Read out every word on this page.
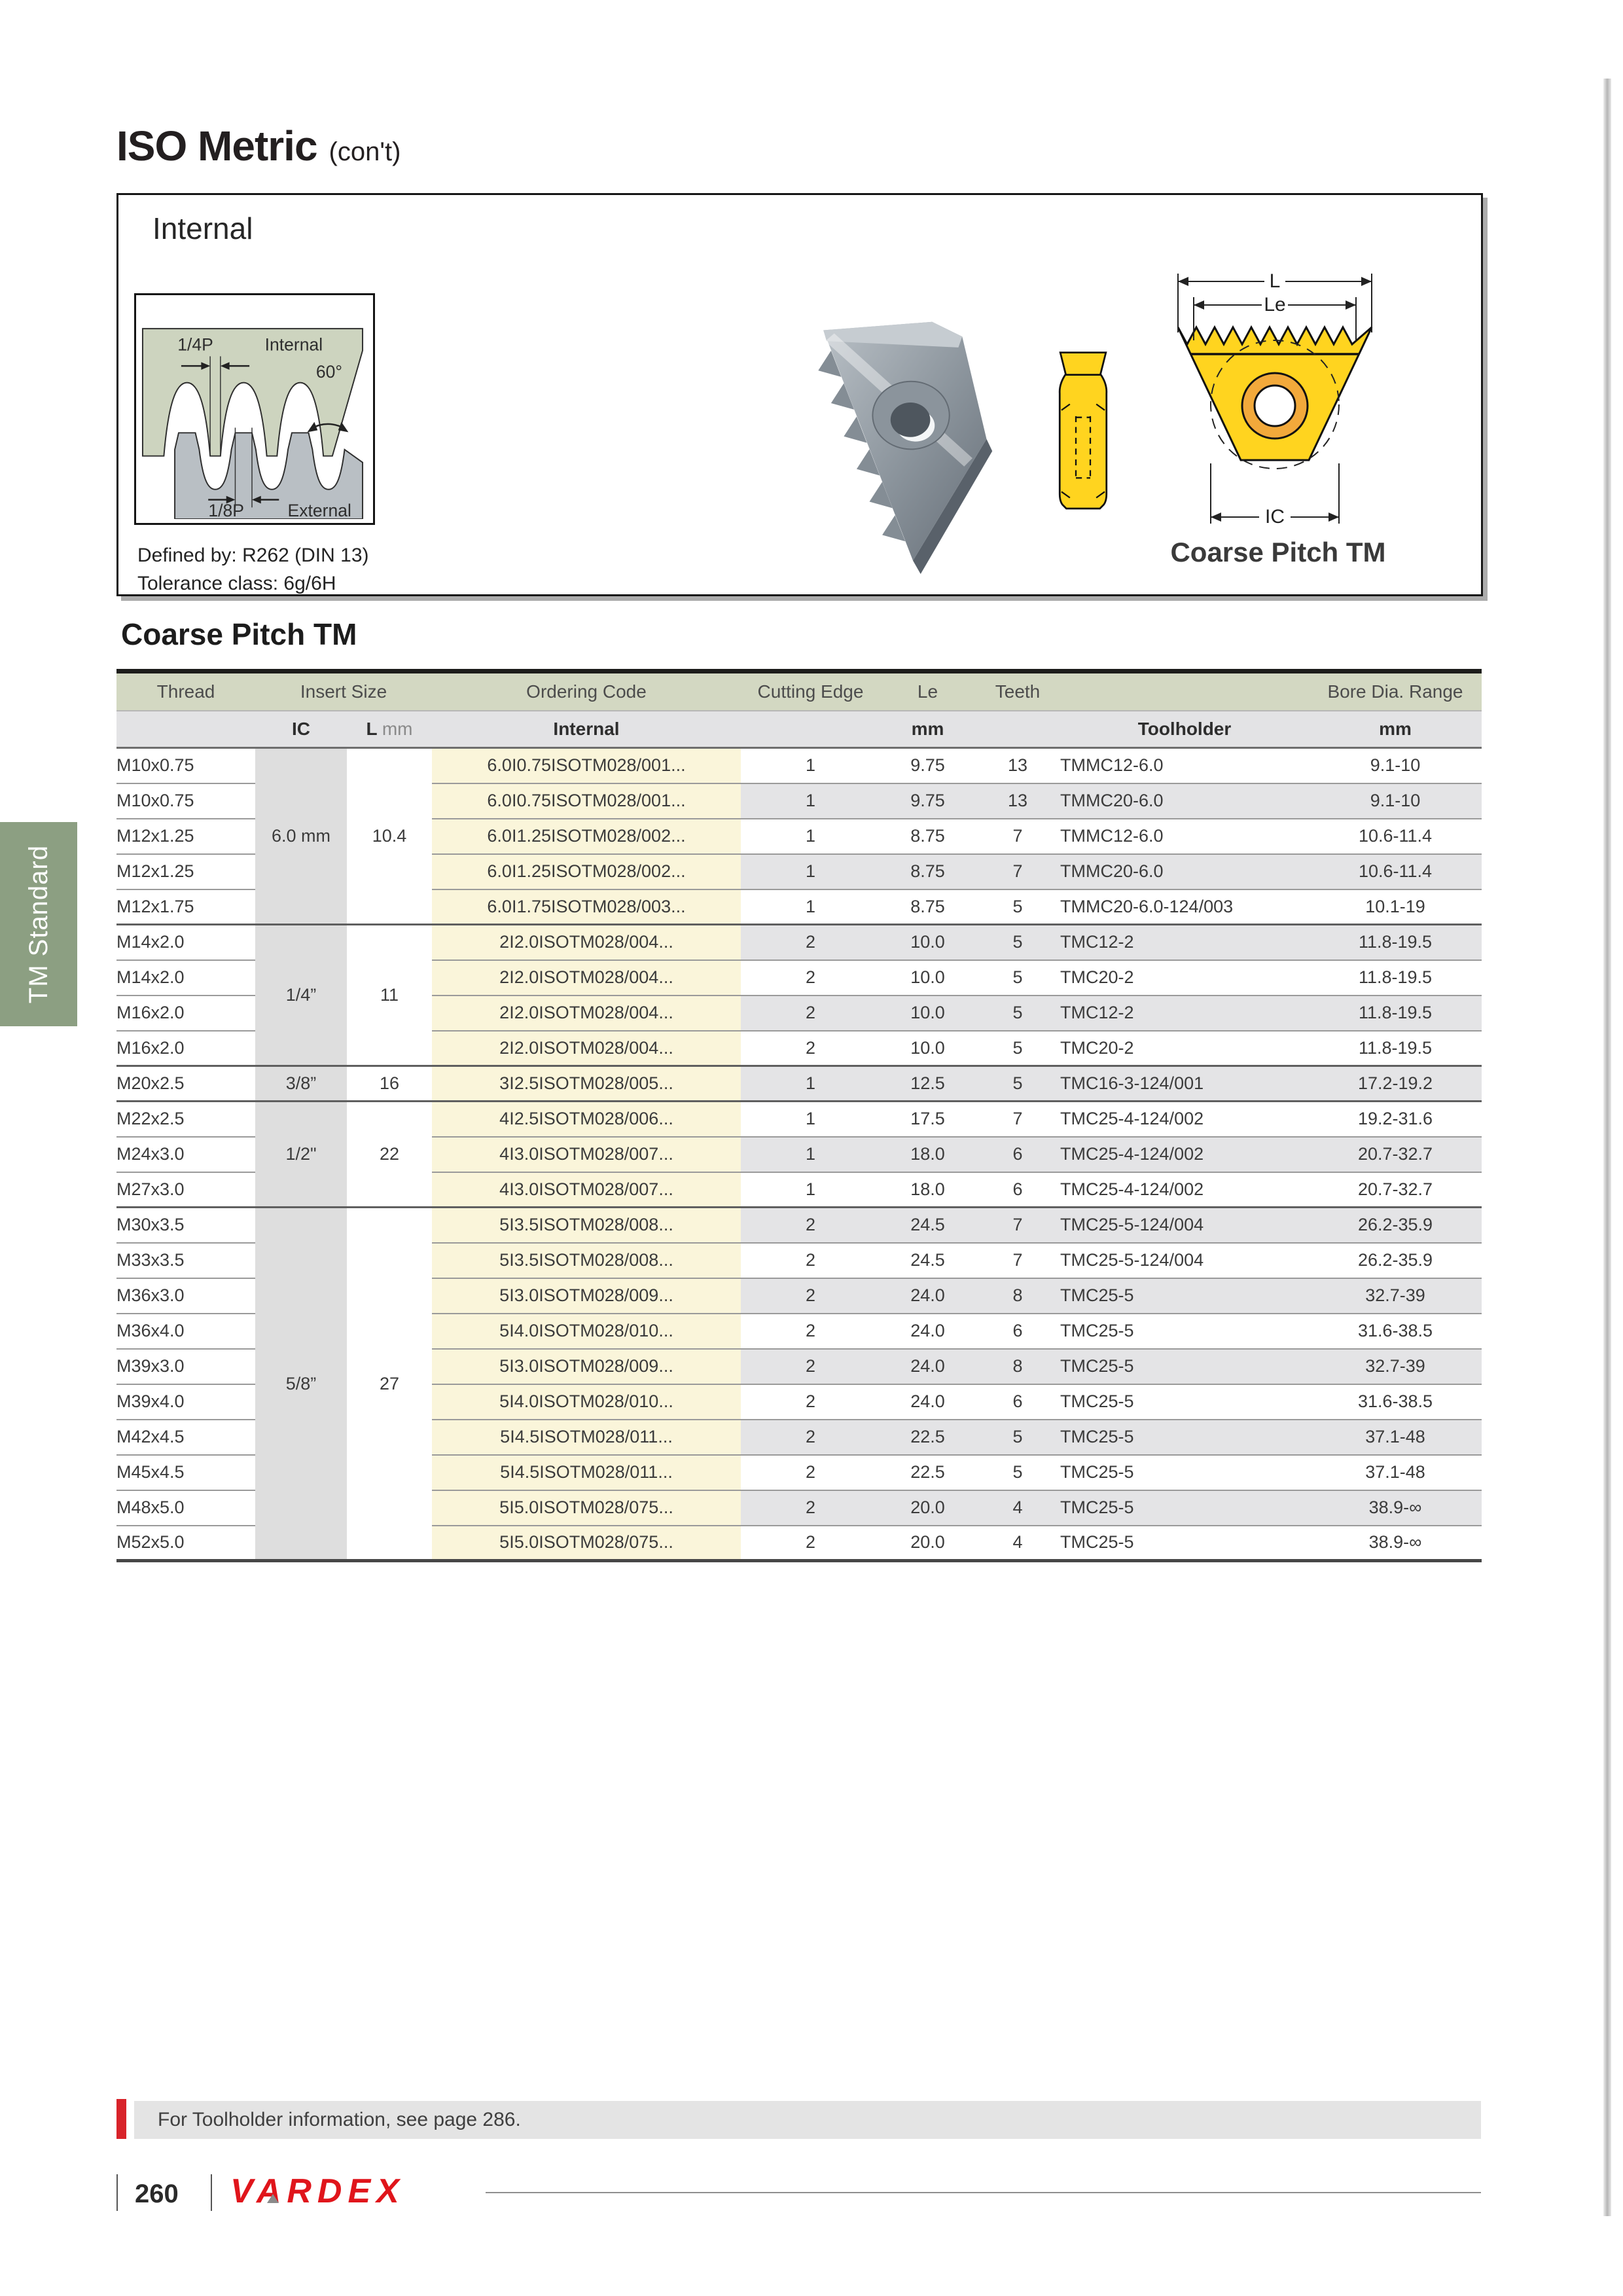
ISO Metric (con't)
TM Standard
Internal
1/4P	Internal
60°
1/8P External
Defined by: R262 (DIN 13)
Tolerance class: 6g/6H
L
Le
IC
Coarse Pitch TM
Coarse Pitch TM
Thread	Insert Size		Ordering Code	Cutting Edge	Le	Teeth		Bore Dia. Range
	IC	L mm	Internal		mm		Toolholder	mm
M10x0.75	6.0 mm	10.4	6.0I0.75ISOTM028/001...	1	9.75	13	TMMC12-6.0	9.1-10
M10x0.75			6.0I0.75ISOTM028/001...	1	9.75	13	TMMC20-6.0	9.1-10
M12x1.25			6.0I1.25ISOTM028/002...	1	8.75	7	TMMC12-6.0	10.6-11.4
M12x1.25			6.0I1.25ISOTM028/002...	1	8.75	7	TMMC20-6.0	10.6-11.4
M12x1.75			6.0I1.75ISOTM028/003...	1	8.75	5	TMMC20-6.0-124/003	10.1-19
M14x2.0	1/4”	11	2I2.0ISOTM028/004...	2	10.0	5	TMC12-2	11.8-19.5
M14x2.0			2I2.0ISOTM028/004...	2	10.0	5	TMC20-2	11.8-19.5
M16x2.0			2I2.0ISOTM028/004...	2	10.0	5	TMC12-2	11.8-19.5
M16x2.0			2I2.0ISOTM028/004...	2	10.0	5	TMC20-2	11.8-19.5
M20x2.5	3/8”	16	3I2.5ISOTM028/005...	1	12.5	5	TMC16-3-124/001	17.2-19.2
M22x2.5	1/2"	22	4I2.5ISOTM028/006...	1	17.5	7	TMC25-4-124/002	19.2-31.6
M24x3.0			4I3.0ISOTM028/007...	1	18.0	6	TMC25-4-124/002	20.7-32.7
M27x3.0			4I3.0ISOTM028/007...	1	18.0	6	TMC25-4-124/002	20.7-32.7
M30x3.5	5/8”	27	5I3.5ISOTM028/008...	2	24.5	7	TMC25-5-124/004	26.2-35.9
M33x3.5			5I3.5ISOTM028/008...	2	24.5	7	TMC25-5-124/004	26.2-35.9
M36x3.0			5I3.0ISOTM028/009...	2	24.0	8	TMC25-5	32.7-39
M36x4.0			5I4.0ISOTM028/010...	2	24.0	6	TMC25-5	31.6-38.5
M39x3.0			5I3.0ISOTM028/009...	2	24.0	8	TMC25-5	32.7-39
M39x4.0			5I4.0ISOTM028/010...	2	24.0	6	TMC25-5	31.6-38.5
M42x4.5			5I4.5ISOTM028/011...	2	22.5	5	TMC25-5	37.1-48
M45x4.5			5I4.5ISOTM028/011...	2	22.5	5	TMC25-5	37.1-48
M48x5.0			5I5.0ISOTM028/075...	2	20.0	4	TMC25-5	38.9-∞
M52x5.0			5I5.0ISOTM028/075...	2	20.0	4	TMC25-5	38.9-∞
For Toolholder information, see page 286.
260 VARDEX
